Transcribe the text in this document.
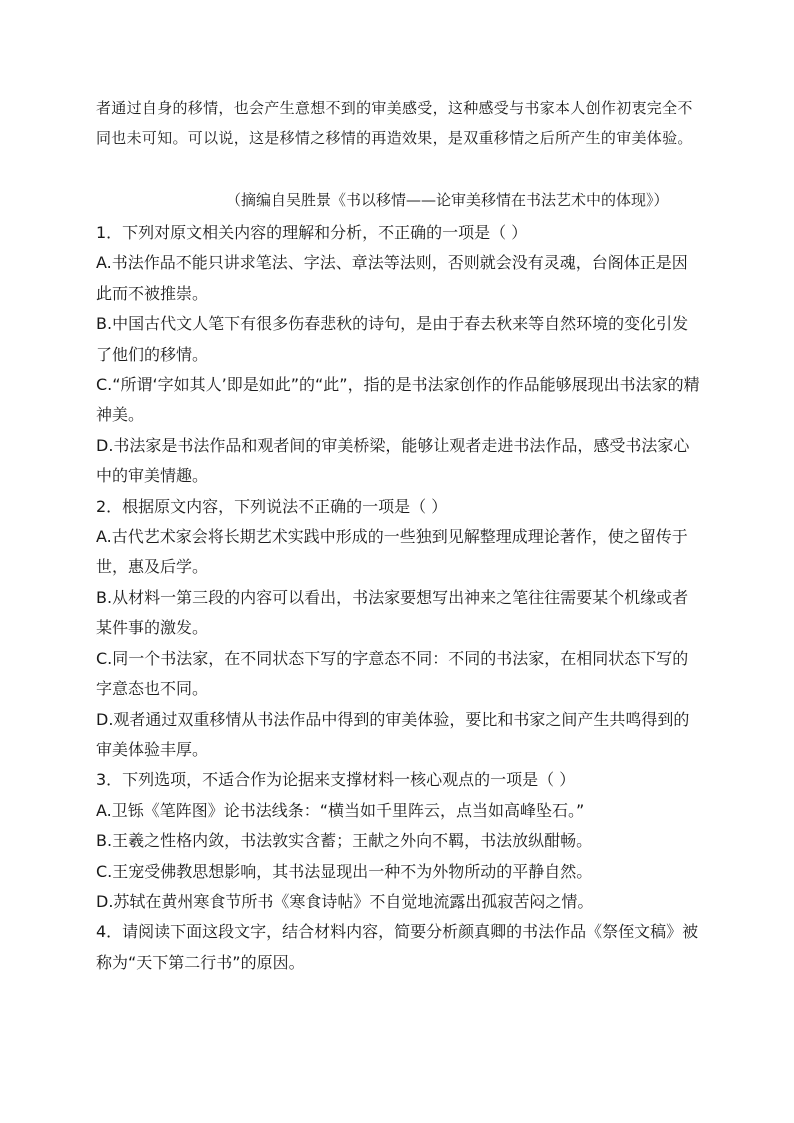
者通过自身的移情，也会产生意想不到的审美感受，这种感受与书家本人创作初衷完全不同也未可知。可以说，这是移情之移情的再造效果，是双重移情之后所产生的审美体验。

（摘编自吴胜景《书以移情——论审美移情在书法艺术中的体现》）

1．下列对原文相关内容的理解和分析，不正确的一项是（ ）

A.书法作品不能只讲求笔法、字法、章法等法则，否则就会没有灵魂，台阁体正是因此而不被推崇。

B.中国古代文人笔下有很多伤春悲秋的诗句，是由于春去秋来等自然环境的变化引发了他们的移情。

C.“所谓‘字如其人’即是如此”的“此”，指的是书法家创作的作品能够展现出书法家的精神美。

D.书法家是书法作品和观者间的审美桥梁，能够让观者走进书法作品，感受书法家心中的审美情趣。

2．根据原文内容，下列说法不正确的一项是（ ）

A.古代艺术家会将长期艺术实践中形成的一些独到见解整理成理论著作，使之留传于世，惠及后学。

B.从材料一第三段的内容可以看出，书法家要想写出神来之笔往往需要某个机缘或者某件事的激发。

C.同一个书法家，在不同状态下写的字意态不同：不同的书法家，在相同状态下写的字意态也不同。

D.观者通过双重移情从书法作品中得到的审美体验，要比和书家之间产生共鸣得到的审美体验丰厚。

3．下列选项，不适合作为论据来支撑材料一核心观点的一项是（ ）

A.卫铄《笔阵图》论书法线条：“横当如千里阵云，点当如高峰坠石。”

B.王羲之性格内敛，书法敦实含蓄；王献之外向不羁，书法放纵酣畅。

C.王宠受佛教思想影响，其书法显现出一种不为外物所动的平静自然。

D.苏轼在黄州寒食节所书《寒食诗帖》不自觉地流露出孤寂苦闷之情。

4．请阅读下面这段文字，结合材料内容，简要分析颜真卿的书法作品《祭侄文稿》被称为“天下第二行书”的原因。
